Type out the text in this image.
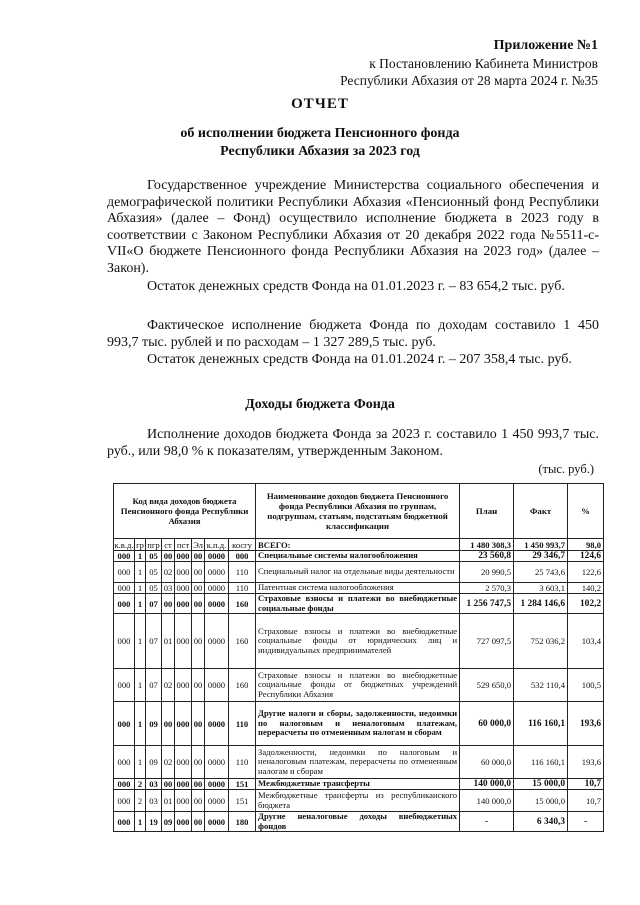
Приложение №1
к Постановлению Кабинета Министров
Республики Абхазия от 28 марта 2024 г. №35
ОТЧЕТ
об исполнении бюджета Пенсионного фонда
Республики Абхазия за 2023 год
Государственное учреждение Министерства социального обеспечения и демографической политики Республики Абхазия «Пенсионный фонд Республики Абхазия» (далее – Фонд) осуществило исполнение бюджета в 2023 году в соответствии с Законом Республики Абхазия от 20 декабря 2022 года №5511-с-VII«О бюджете Пенсионного фонда Республики Абхазия на 2023 год» (далее – Закон).
Остаток денежных средств Фонда на 01.01.2023 г. – 83 654,2 тыс. руб.
Фактическое исполнение бюджета Фонда по доходам составило 1 450 993,7 тыс. рублей и по расходам – 1 327 289,5 тыс. руб.
Остаток денежных средств Фонда на 01.01.2024 г. – 207 358,4 тыс. руб.
Доходы бюджета Фонда
Исполнение доходов бюджета Фонда за 2023 г. составило 1 450 993,7 тыс. руб., или 98,0 % к показателям, утвержденным Законом.
(тыс. руб.)
Код вида доходов бюджета Пенсионного фонда Республики Абхазия								Наименование доходов бюджета Пенсионного фонда Республики Абхазия по группам, подгруппам, статьям, подстатьям бюджетной классификации	План	Факт	%
к.в.д.	гр	пгр	ст	пст	Эл	к.п.д.	косгу	ВСЕГО:	1 480 308,3	1 450 993,7	98,0
000	1	05	00	000	00	0000	000	Специальные системы налогообложения	23 560,8	29 346,7	124,6
000	1	05	02	000	00	0000	110	Специальный налог на отдельные виды деятельности	20 990,5	25 743,6	122,6
000	1	05	03	000	00	0000	110	Патентная система налогообложения	2 570,3	3 603,1	140,2
000	1	07	00	000	00	0000	160	Страховые взносы и платежи во внебюджетные социальные фонды	1 256 747,5	1 284 146,6	102,2
000	1	07	01	000	00	0000	160	Страховые взносы и платежи во внебюджетные социальные фонды от юридических лиц и индивидуальных предпринимателей	727 097,5	752 036,2	103,4
000	1	07	02	000	00	0000	160	Страховые взносы и платежи во внебюджетные социальные фонды от бюджетных учреждений Республики Абхазия	529 650,0	532 110,4	100,5
000	1	09	00	000	00	0000	110	Другие налоги и сборы, задолженности, недоимки по налоговым и неналоговым платежам, перерасчеты по отмененным налогам и сборам	60 000,0	116 160,1	193,6
000	1	09	02	000	00	0000	110	Задолженности, недоимки по налоговым и неналоговым платежам, перерасчеты по отмененным налогам и сборам	60 000,0	116 160,1	193,6
000	2	03	00	000	00	0000	151	Межбюджетные трансферты	140 000,0	15 000,0	10,7
000	2	03	01	000	00	0000	151	Межбюджетные трансферты из республиканского бюджета	140 000,0	15 000,0	10,7
000	1	19	09	000	00	0000	180	Другие неналоговые доходы внебюджетных фондов	-	6 340,3	-
